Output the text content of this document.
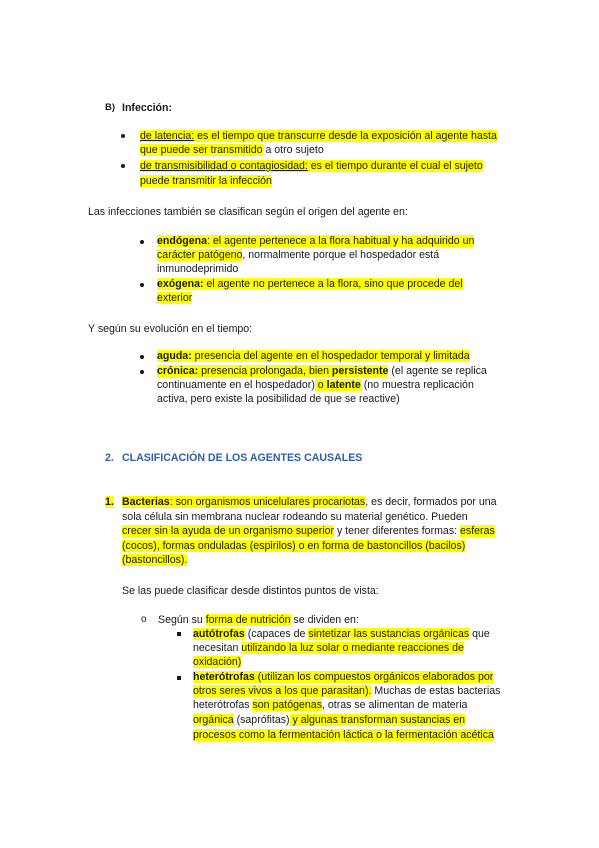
B) Infección:
de latencia: es el tiempo que transcurre desde la exposición al agente hasta
que puede ser transmitido a otro sujeto
de transmisibilidad o contagiosidad: es el tiempo durante el cual el sujeto
puede transmitir la infección
Las infecciones también se clasifican según el origen del agente en:
endógena: el agente pertenece a la flora habitual y ha adquirido un
carácter patógeno, normalmente porque el hospedador está
inmunodeprimido
exógena: el agente no pertenece a la flora, sino que procede del
exterior
Y según su evolución en el tiempo:
aguda: presencia del agente en el hospedador temporal y limitada
crónica: presencia prolongada, bien persistente (el agente se replica
continuamente en el hospedador) o latente (no muestra replicación
activa, pero existe la posibilidad de que se reactive)
2. CLASIFICACIÓN DE LOS AGENTES CAUSALES
1. Bacterias: son organismos unicelulares procariotas, es decir, formados por una
sola célula sin membrana nuclear rodeando su material genético. Pueden
crecer sin la ayuda de un organismo superior y tener diferentes formas: esferas
(cocos), formas onduladas (espirilos) o en forma de bastoncillos (bacilos)
(bastoncillos).
Se las puede clasificar desde distintos puntos de vista:
o Según su forma de nutrición se dividen en:
autótrofas (capaces de sintetizar las sustancias orgánicas que
necesitan utilizando la luz solar o mediante reacciones de
oxidación)
heterótrofas (utilizan los compuestos orgánicos elaborados por
otros seres vivos a los que parasitan). Muchas de estas bacterias
heterótrofas son patógenas, otras se alimentan de materia
orgánica (saprófitas) y algunas transforman sustancias en
procesos como la fermentación láctica o la fermentación acética
